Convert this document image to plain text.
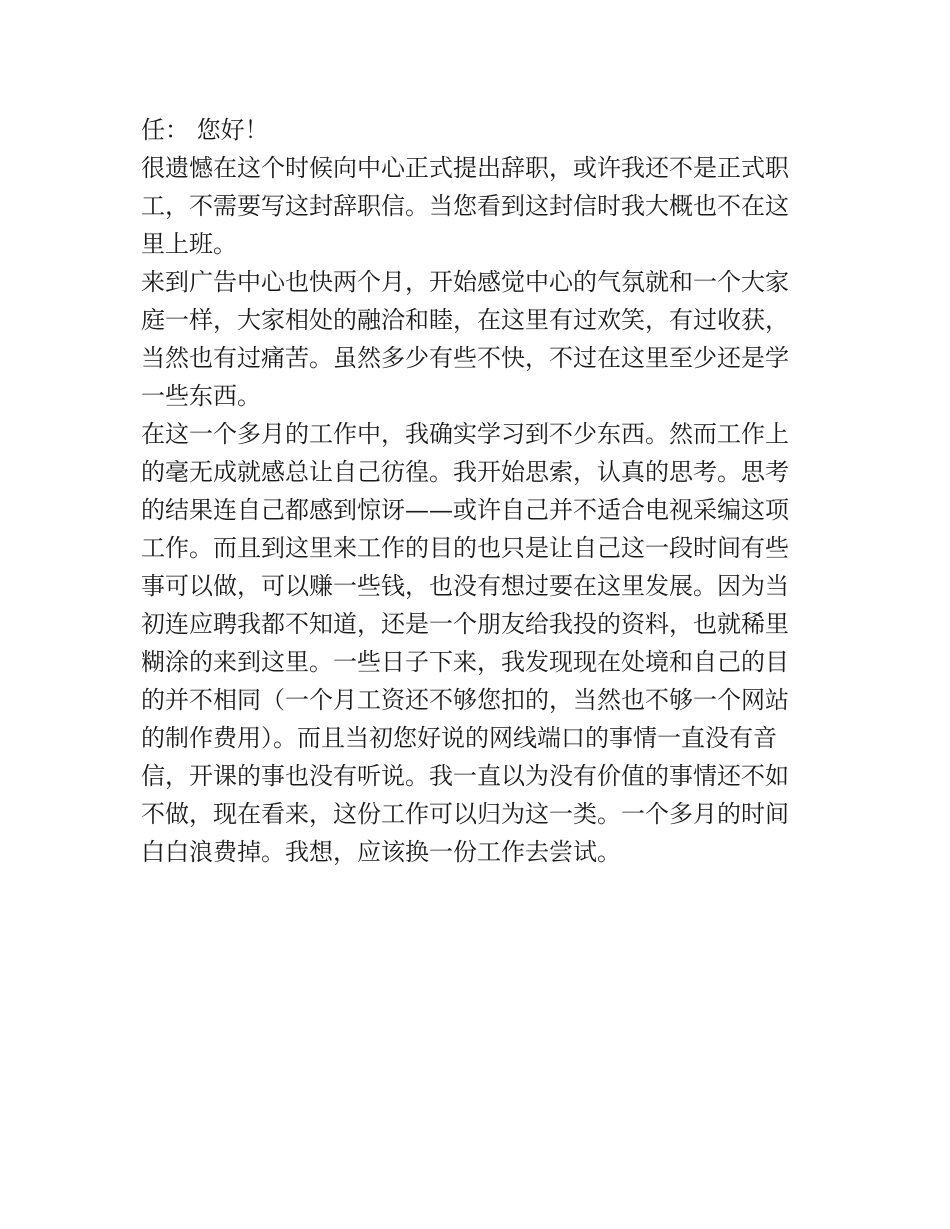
任： 您好！
很遗憾在这个时候向中心正式提出辞职，或许我还不是正式职
工，不需要写这封辞职信。当您看到这封信时我大概也不在这
里上班。
来到广告中心也快两个月，开始感觉中心的气氛就和一个大家
庭一样，大家相处的融洽和睦，在这里有过欢笑，有过收获，
当然也有过痛苦。虽然多少有些不快，不过在这里至少还是学
一些东西。
在这一个多月的工作中，我确实学习到不少东西。然而工作上
的毫无成就感总让自己彷徨。我开始思索，认真的思考。思考
的结果连自己都感到惊讶——或许自己并不适合电视采编这项
工作。而且到这里来工作的目的也只是让自己这一段时间有些
事可以做，可以赚一些钱，也没有想过要在这里发展。因为当
初连应聘我都不知道，还是一个朋友给我投的资料，也就稀里
糊涂的来到这里。一些日子下来，我发现现在处境和自己的目
的并不相同（一个月工资还不够您扣的，当然也不够一个网站
的制作费用）。而且当初您好说的网线端口的事情一直没有音
信，开课的事也没有听说。我一直以为没有价值的事情还不如
不做，现在看来，这份工作可以归为这一类。一个多月的时间
白白浪费掉。我想，应该换一份工作去尝试。
